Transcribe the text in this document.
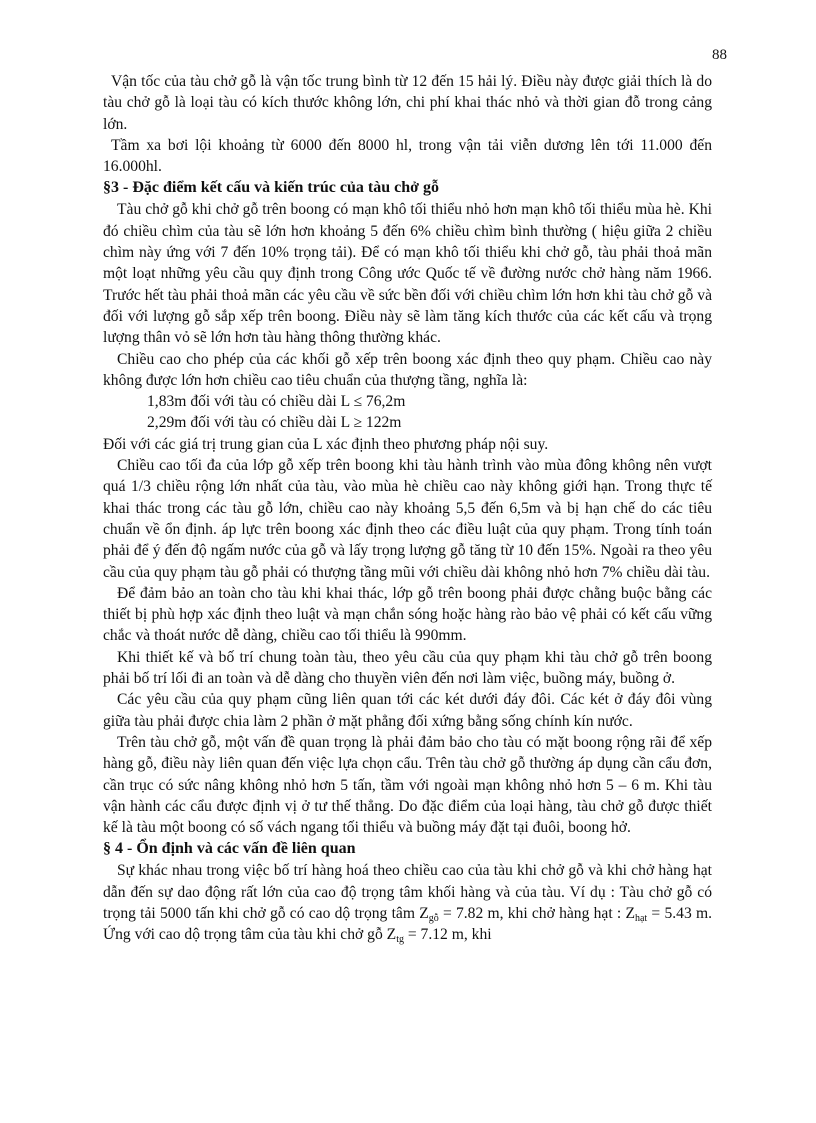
88

Vận tốc của tàu chở gỗ là vận tốc trung bình từ 12 đến 15 hải lý. Điều này được giải thích là do tàu chở gỗ là loại tàu có kích thước không lớn, chi phí khai thác nhỏ và thời gian đỗ trong cảng lớn.

Tầm xa bơi lội khoảng từ 6000 đến 8000 hl, trong vận tải viễn dương lên tới 11.000 đến 16.000hl.

§3 - Đặc điểm kết cấu và kiến trúc của tàu chở gỗ

Tàu chở gỗ khi chở gỗ trên boong có mạn khô tối thiểu nhỏ hơn mạn khô tối thiểu mùa hè. Khi đó chiều chìm của tàu sẽ lớn hơn khoảng 5 đến 6% chiều chìm bình thường ( hiệu giữa 2 chiều chìm này ứng với 7 đến 10% trọng tải). Để có mạn khô tối thiểu khi chở gỗ, tàu phải thoả mãn một loạt những yêu cầu quy định trong Công ước Quốc tế về đường nước chở hàng năm 1966. Trước hết tàu phải thoả mãn các yêu cầu về sức bền đối với chiều chìm lớn hơn khi tàu chở gỗ và đối với lượng gỗ sắp xếp trên boong. Điều này sẽ làm tăng kích thước của các kết cấu và trọng lượng thân vỏ sẽ lớn hơn tàu hàng thông thường khác.

Chiều cao cho phép của các khối gỗ xếp trên boong xác định theo quy phạm. Chiều cao này không được lớn hơn chiều cao tiêu chuẩn của thượng tầng, nghĩa là:

1,83m đối với tàu có chiều dài L ≤ 76,2m

2,29m đối với tàu có chiều dài L ≥ 122m

Đối với các giá trị trung gian của L xác định theo phương pháp nội suy.

Chiều cao tối đa của lớp gỗ xếp trên boong khi tàu hành trình vào mùa đông không nên vượt quá 1/3 chiều rộng lớn nhất của tàu, vào mùa hè chiều cao này không giới hạn. Trong thực tế khai thác trong các tàu gỗ lớn, chiều cao này khoảng 5,5 đến 6,5m và bị hạn chế do các tiêu chuẩn về ổn định. áp lực trên boong xác định theo các điều luật của quy phạm. Trong tính toán phải để ý đến độ ngấm nước của gỗ và lấy trọng lượng gỗ tăng từ 10 đến 15%. Ngoài ra theo yêu cầu của quy phạm tàu gỗ phải có thượng tầng mũi với chiều dài không nhỏ hơn 7% chiều dài tàu.

Để đảm bảo an toàn cho tàu khi khai thác, lớp gỗ trên boong phải được chằng buộc bằng các thiết bị phù hợp xác định theo luật và mạn chắn sóng hoặc hàng rào bảo vệ phải có kết cấu vững chắc và thoát nước dễ dàng, chiều cao tối thiểu là 990mm.

Khi thiết kế và bố trí chung toàn tàu, theo yêu cầu của quy phạm khi tàu chở gỗ trên boong phải bố trí lối đi an toàn và dễ dàng cho thuyền viên đến nơi làm việc, buồng máy, buồng ở.

Các yêu cầu của quy phạm cũng liên quan tới các két dưới đáy đôi. Các két ở đáy đôi vùng giữa tàu phải được chia làm 2 phần ở mặt phẳng đối xứng bằng sống chính kín nước.

Trên tàu chở gỗ, một vấn đề quan trọng là phải đảm bảo cho tàu có mặt boong rộng rãi để xếp hàng gỗ, điều này liên quan đến việc lựa chọn cẩu. Trên tàu chở gỗ thường áp dụng cần cẩu đơn, cần trục có sức nâng không nhỏ hơn 5 tấn, tầm với ngoài mạn không nhỏ hơn 5 – 6 m. Khi tàu vận hành các cẩu được định vị ở tư thế thẳng. Do đặc điểm của loại hàng, tàu chở gỗ được thiết kế là tàu một boong có số vách ngang tối thiểu và buồng máy đặt tại đuôi, boong hở.

§ 4 - Ổn định và các vấn đề liên quan

Sự khác nhau trong việc bố trí hàng hoá theo chiều cao của tàu khi chở gỗ và khi chở hàng hạt dẫn đến sự dao động rất lớn của cao độ trọng tâm khối hàng và của tàu. Ví dụ : Tàu chở gỗ có trọng tải 5000 tấn khi chở gỗ có cao dộ trọng tâm $Z_{gỗ} = 7.82$ m, khi chở hàng hạt : $Z_{hạt} = 5.43$ m. Ứng với cao dộ trọng tâm của tàu khi chở gỗ $Z_{tg} = 7.12$ m, khi
